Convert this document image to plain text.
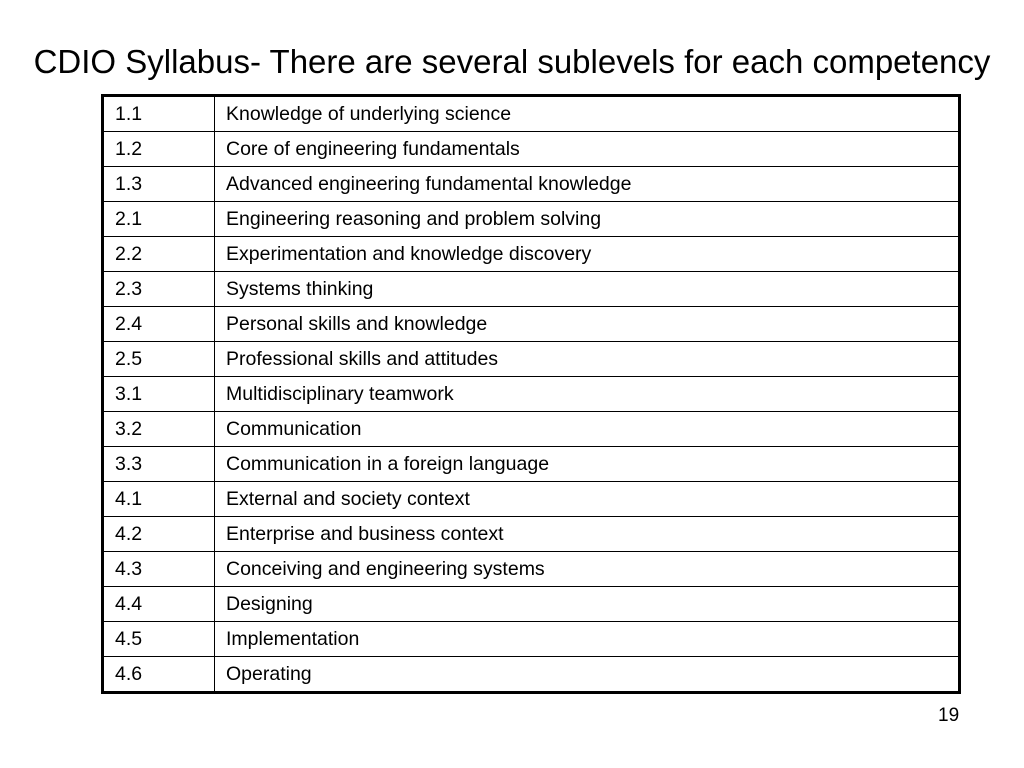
CDIO Syllabus- There are several sublevels for each competency
1.1	Knowledge of underlying science
1.2	Core of engineering fundamentals
1.3	Advanced engineering fundamental knowledge
2.1	Engineering reasoning and problem solving
2.2	Experimentation and knowledge discovery
2.3	Systems thinking
2.4	Personal skills and knowledge
2.5	Professional skills and attitudes
3.1	Multidisciplinary teamwork
3.2	Communication
3.3	Communication in a foreign language
4.1	External and society context
4.2	Enterprise and business context
4.3	Conceiving and engineering systems
4.4	Designing
4.5	Implementation
4.6	Operating
19
